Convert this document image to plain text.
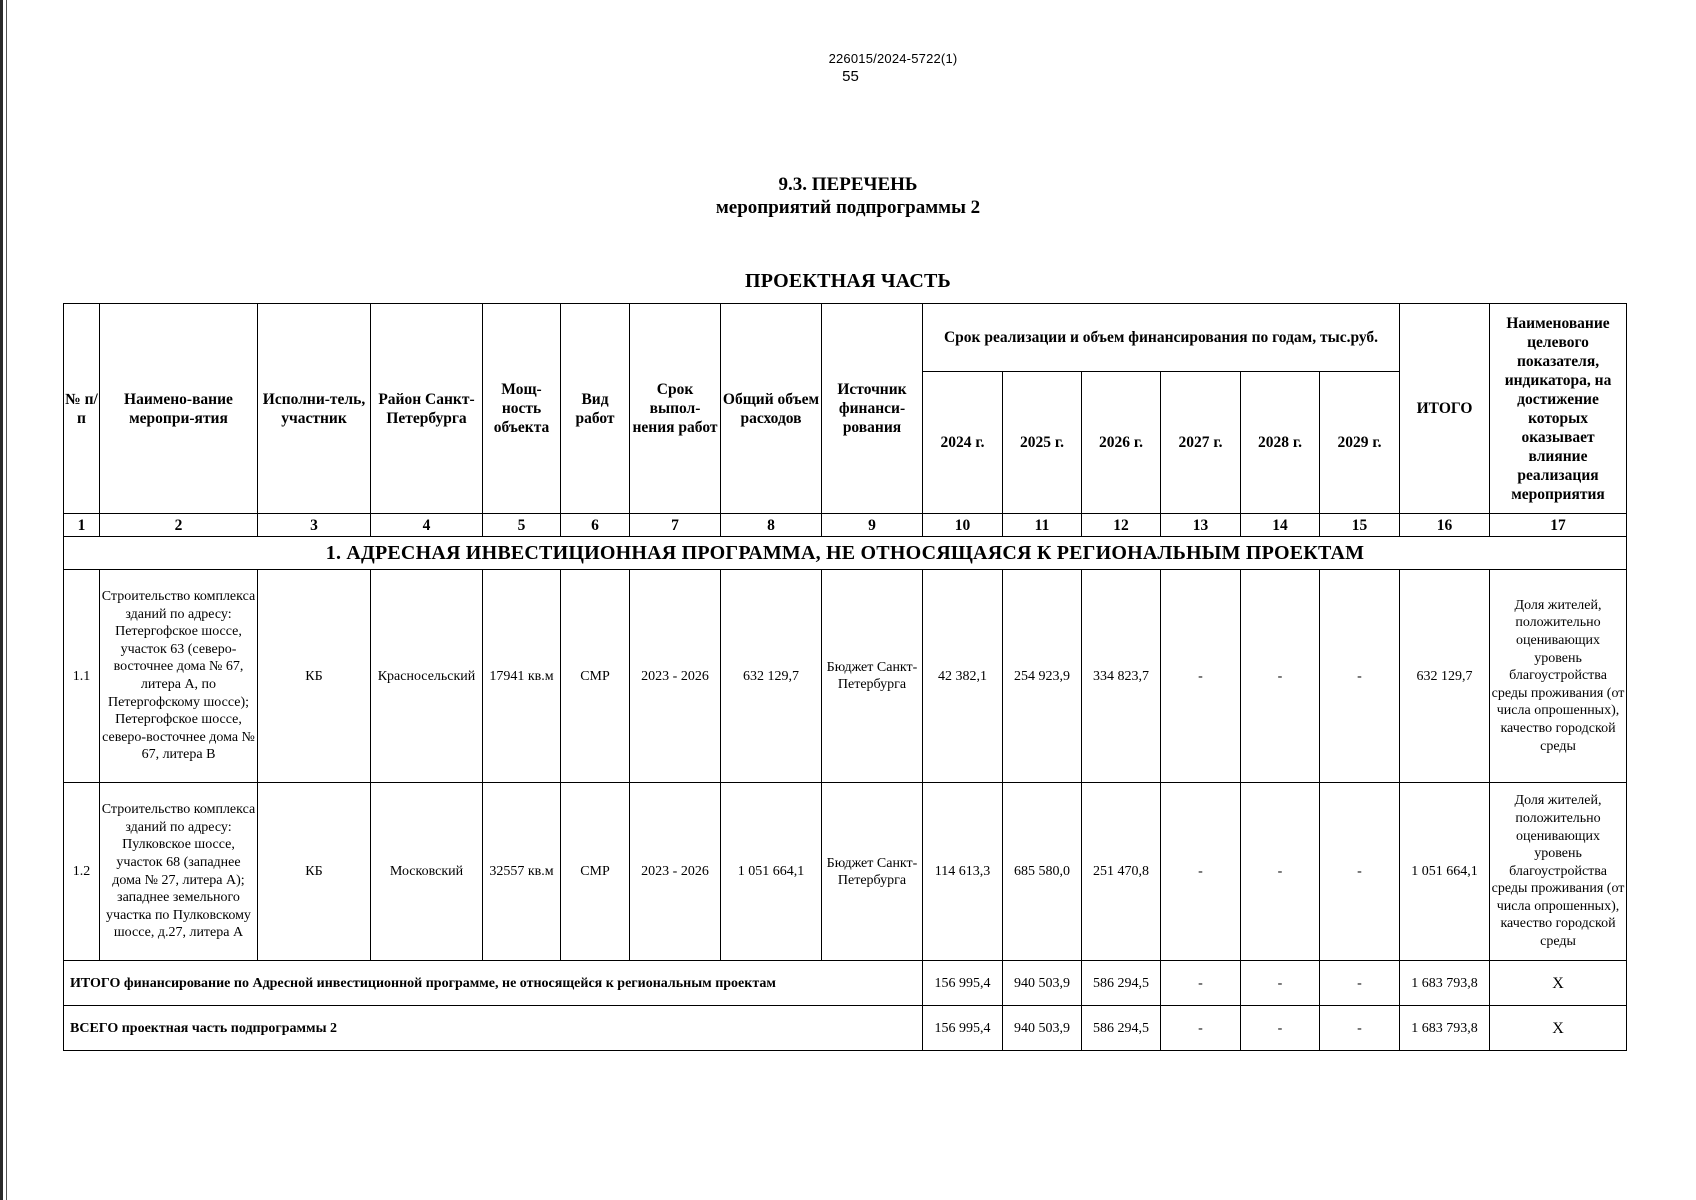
226015/2024-5722(1)
55
9.3. ПЕРЕЧЕНЬ
мероприятий подпрограммы 2
ПРОЕКТНАЯ ЧАСТЬ
№ п/п	Наимено-вание меропри-ятия	Исполни-тель, участник	Район Санкт-Петербурга	Мощ-ность объекта	Вид работ	Срок выпол-нения работ	Общий объем расходов	Источник финанси-рования	Срок реализации и объем финансирования по годам, тыс.руб.						ИТОГО	Наименование целевого показателя, индикатора, на достижение которых оказывает влияние реализация мероприятия
									2024 г.	2025 г.	2026 г.	2027 г.	2028 г.	2029 г.		
1	2	3	4	5	6	7	8	9	10	11	12	13	14	15	16	17
1. АДРЕСНАЯ ИНВЕСТИЦИОННАЯ ПРОГРАММА, НЕ ОТНОСЯЩАЯСЯ К РЕГИОНАЛЬНЫМ ПРОЕКТАМ																
1.1	Строительство комплекса зданий по адресу: Петергофское шоссе, участок 63 (северо-восточнее дома № 67, литера А, по Петергофскому шоссе); Петергофское шоссе, северо-восточнее дома № 67, литера В	КБ	Красносельский	17941 кв.м	СМР	2023 - 2026	632 129,7	Бюджет Санкт-Петербурга	42 382,1	254 923,9	334 823,7	-	-	-	632 129,7	Доля жителей, положительно оценивающих уровень благоустройства среды проживания (от числа опрошенных), качество городской среды
1.2	Строительство комплекса зданий по адресу: Пулковское шоссе, участок 68 (западнее дома № 27, литера А); западнее земельного участка по Пулковскому шоссе, д.27, литера А	КБ	Московский	32557 кв.м	СМР	2023 - 2026	1 051 664,1	Бюджет Санкт-Петербурга	114 613,3	685 580,0	251 470,8	-	-	-	1 051 664,1	Доля жителей, положительно оценивающих уровень благоустройства среды проживания (от числа опрошенных), качество городской среды
ИТОГО финансирование по Адресной инвестиционной программе, не относящейся к региональным проектам									156 995,4	940 503,9	586 294,5	-	-	-	1 683 793,8	X
ВСЕГО проектная часть подпрограммы 2									156 995,4	940 503,9	586 294,5	-	-	-	1 683 793,8	X
